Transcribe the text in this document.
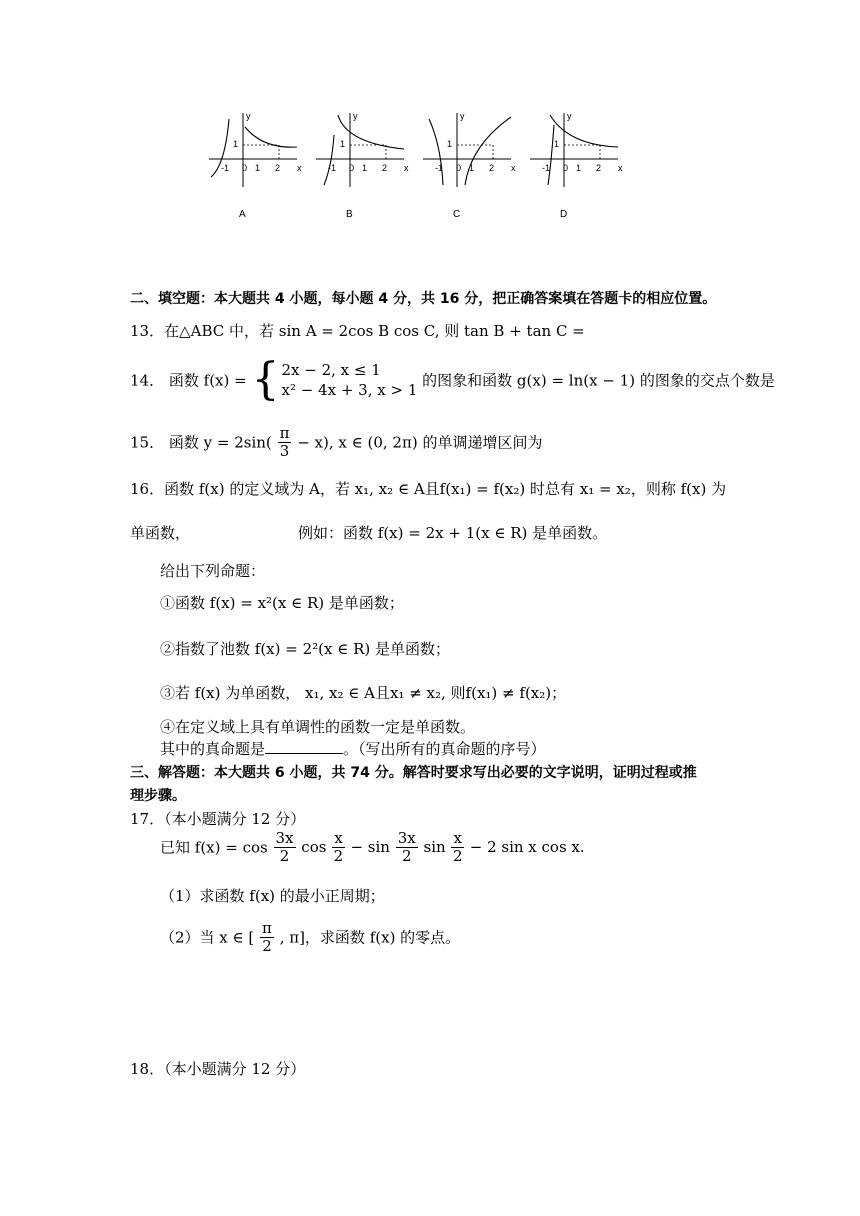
y
x
-1 0 1 2
1
A
y
x
-1 0 1 2
1
B
y
x
-1 0 1 2
1
C
y
x
-1 0 1 2
1
D
二、填空题：本大题共 4 小题，每小题 4 分，共 16 分，把正确答案填在答题卡的相应位置。
13．在△ABC 中，若 sin A = 2cos B cos C, 则 tan B + tan C =
14． 函数 f(x) = { 2x − 2, x ≤ 1
x² − 4x + 3, x > 1
的图象和函数 g(x) = ln(x − 1) 的图象的交点个数是
15． 函数 $y = 2\sin( \frac{\pi}{3} - x)$, x ∈ (0, 2π) 的单调递增区间为
16．函数 f(x) 的定义域为 A，若 x₁, x₂ ∈ A且f(x₁) = f(x₂) 时总有 x₁ = x₂，则称 f(x) 为
单函数，	例如：函数 f(x) = 2x + 1(x ∈ R) 是单函数。
给出下列命题：
①函数 f(x) = x²(x ∈ R) 是单函数；
②指数了池数 f(x) = 2²(x ∈ R) 是单函数；
③若 f(x) 为单函数， x₁, x₂ ∈ A且x₁ ≠ x₂, 则f(x₁) ≠ f(x₂)；
④在定义域上具有单调性的函数一定是单函数。
其中的真命题是	。（写出所有的真命题的序号）
三、解答题：本大题共 6 小题，共 74 分。解答时要求写出必要的文字说明，证明过程或推
理步骤。
17．（本小题满分 12 分）
已知 $f(x) = \cos \frac{3x}{2}$ $\cos \frac{x}{2} - \sin \frac{3x}{2}$ $\sin \frac{x}{2} - 2$ sin x cos x.
（1）求函数 f(x) 的最小正周期；
（2）当 x ∈ [ $\frac{\pi}{2}$ , π]，求函数 f(x) 的零点。
18．（本小题满分 12 分）
